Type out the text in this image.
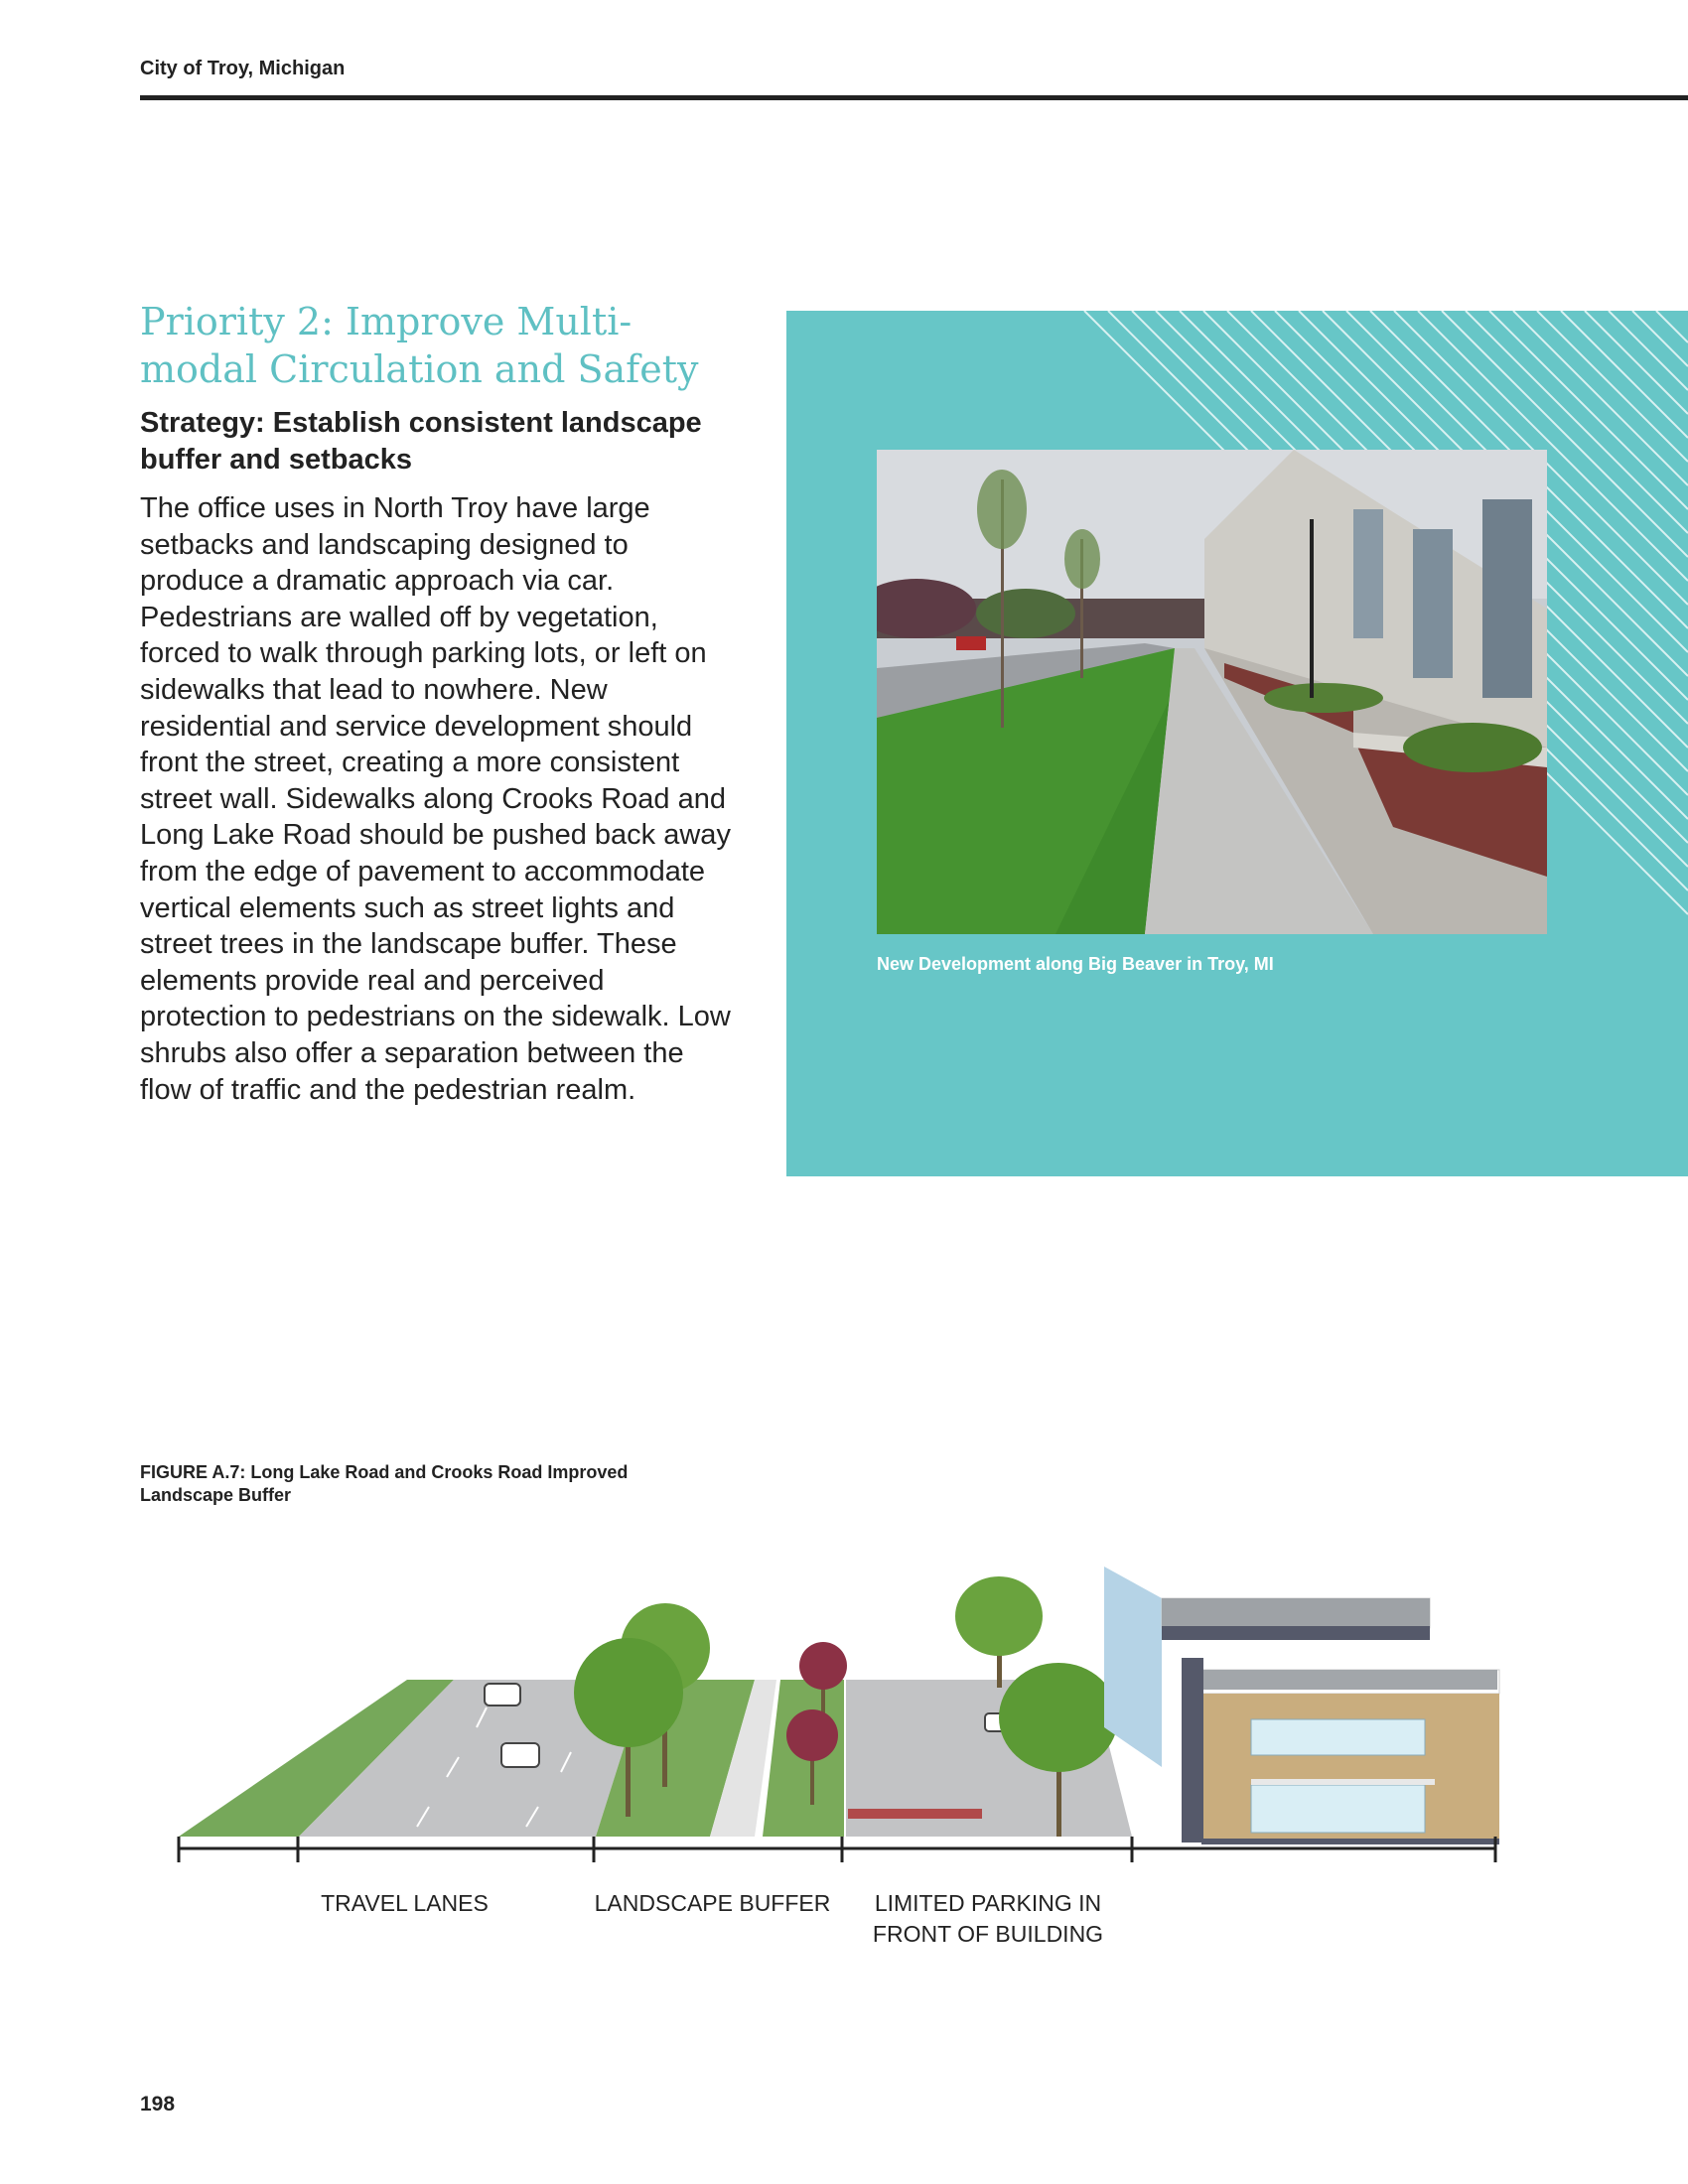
City of Troy, Michigan
Priority 2: Improve Multi-modal Circulation and Safety
Strategy: Establish consistent landscape buffer and setbacks
The office uses in North Troy have large setbacks and landscaping designed to produce a dramatic approach via car. Pedestrians are walled off by vegetation, forced to walk through parking lots, or left on sidewalks that lead to nowhere. New residential and service development should front the street, creating a more consistent street wall. Sidewalks along Crooks Road and Long Lake Road should be pushed back away from the edge of pavement to accommodate vertical elements such as street lights and street trees in the landscape buffer. These elements provide real and perceived protection to pedestrians on the sidewalk. Low shrubs also offer a separation between the flow of traffic and the pedestrian realm.
New Development along Big Beaver in Troy, MI
FIGURE A.7: Long Lake Road and Crooks Road Improved Landscape Buffer
TRAVEL LANES	LANDSCAPE BUFFER	LIMITED PARKING IN
FRONT OF BUILDING
198
